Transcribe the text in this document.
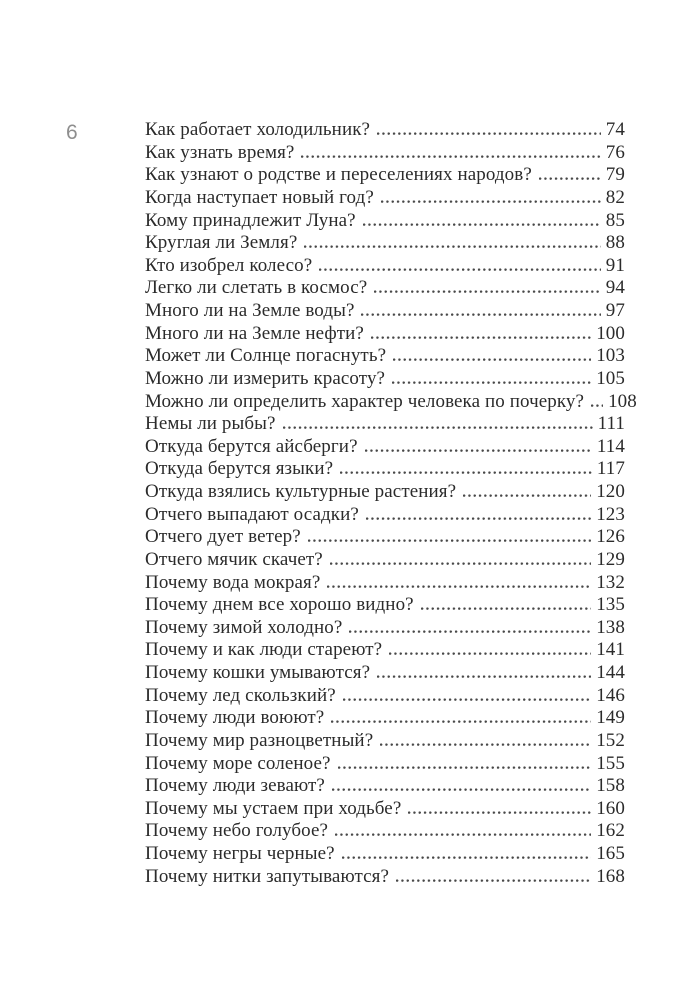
6	Как работает холодильник?	74
Как узнать время?	76
Как узнают о родстве и переселениях народов?	79
Когда наступает новый год?	82
Кому принадлежит Луна?	85
Круглая ли Земля?	88
Кто изобрел колесо?	91
Легко ли слетать в космос?	94
Много ли на Земле воды?	97
Много ли на Земле нефти?	100
Может ли Солнце погаснуть?	103
Можно ли измерить красоту?	105
Можно ли определить характер человека по почерку? 108
Немы ли рыбы?	111
Откуда берутся айсберги?	114
Откуда берутся языки?	117
Откуда взялись культурные растения?	120
Отчего выпадают осадки?	123
Отчего дует ветер?	126
Отчего мячик скачет?	129
Почему вода мокрая?	132
Почему днем все хорошо видно?	135
Почему зимой холодно?	138
Почему и как люди стареют?	141
Почему кошки умываются?	144
Почему лед скользкий?	146
Почему люди воюют?	149
Почему мир разноцветный?	152
Почему море соленое?	155
Почему люди зевают?	158
Почему мы устаем при ходьбе?	160
Почему небо голубое?	162
Почему негры черные?	165
Почему нитки запутываются?	168
